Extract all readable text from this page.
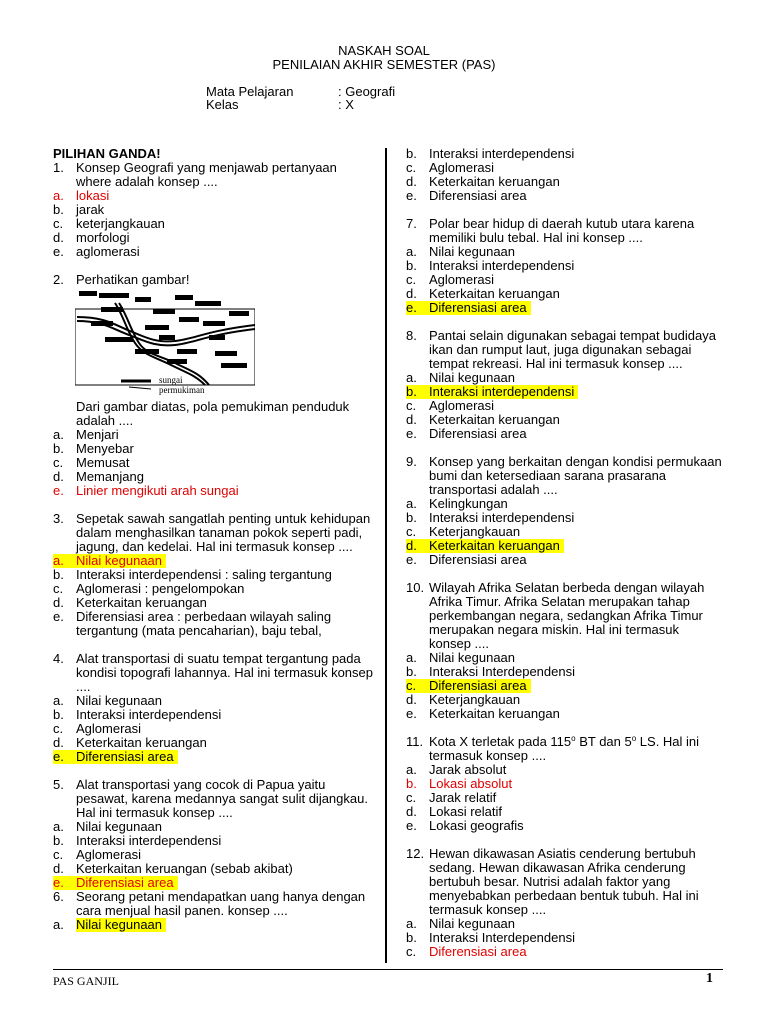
NASKAH SOAL
PENILAIAN AKHIR SEMESTER (PAS)
Mata Pelajaran	: Geografi
Kelas	: X
PILIHAN GANDA!
1. Konsep Geografi yang menjawab pertanyaan where adalah konsep ....
a. lokasi
b. jarak
c. keterjangkauan
d. morfologi
e. aglomerasi
2. Perhatikan gambar!
sungai
permukiman
Dari gambar diatas, pola pemukiman penduduk adalah ....
a. Menjari
b. Menyebar
c. Memusat
d. Memanjang
e. Linier mengikuti arah sungai
3. Sepetak sawah sangatlah penting untuk kehidupan dalam menghasilkan tanaman pokok seperti padi, jagung, dan kedelai. Hal ini termasuk konsep ....
a. Nilai kegunaan
b. Interaksi interdependensi : saling tergantung
c. Aglomerasi : pengelompokan
d. Keterkaitan keruangan
e. Diferensiasi area : perbedaan wilayah saling tergantung (mata pencaharian), baju tebal,
4. Alat transportasi di suatu tempat tergantung pada kondisi topografi lahannya. Hal ini termasuk konsep ....
a. Nilai kegunaan
b. Interaksi interdependensi
c. Aglomerasi
d. Keterkaitan keruangan
e. Diferensiasi area
5. Alat transportasi yang cocok di Papua yaitu pesawat, karena medannya sangat sulit dijangkau. Hal ini termasuk konsep ....
a. Nilai kegunaan
b. Interaksi interdependensi
c. Aglomerasi
d. Keterkaitan keruangan (sebab akibat)
e. Diferensiasi area
6. Seorang petani mendapatkan uang hanya dengan cara menjual hasil panen. konsep ....
a. Nilai kegunaan
b. Interaksi interdependensi
c. Aglomerasi
d. Keterkaitan keruangan
e. Diferensiasi area
7. Polar bear hidup di daerah kutub utara karena memiliki bulu tebal. Hal ini konsep ....
a. Nilai kegunaan
b. Interaksi interdependensi
c. Aglomerasi
d. Keterkaitan keruangan
e. Diferensiasi area
8. Pantai selain digunakan sebagai tempat budidaya ikan dan rumput laut, juga digunakan sebagai tempat rekreasi. Hal ini termasuk konsep ....
a. Nilai kegunaan
b. Interaksi interdependensi
c. Aglomerasi
d. Keterkaitan keruangan
e. Diferensiasi area
9. Konsep yang berkaitan dengan kondisi permukaan bumi dan ketersediaan sarana prasarana transportasi adalah ....
a. Kelingkungan
b. Interaksi interdependensi
c. Keterjangkauan
d. Keterkaitan keruangan
e. Diferensiasi area
10. Wilayah Afrika Selatan berbeda dengan wilayah Afrika Timur. Afrika Selatan merupakan tahap perkembangan negara, sedangkan Afrika Timur merupakan negara miskin. Hal ini termasuk konsep ....
a. Nilai kegunaan
b. Interaksi Interdependensi
c. Diferensiasi area
d. Keterjangkauan
e. Keterkaitan keruangan
11. Kota X terletak pada 115$^o$ BT dan 5$^o$ LS. Hal ini termasuk konsep ....
a. Jarak absolut
b. Lokasi absolut
c. Jarak relatif
d. Lokasi relatif
e. Lokasi geografis
12. Hewan dikawasan Asiatis cenderung bertubuh sedang. Hewan dikawasan Afrika cenderung bertubuh besar. Nutrisi adalah faktor yang menyebabkan perbedaan bentuk tubuh. Hal ini termasuk konsep ....
a. Nilai kegunaan
b. Interaksi Interdependensi
c. Diferensiasi area
PAS GANJIL	1
